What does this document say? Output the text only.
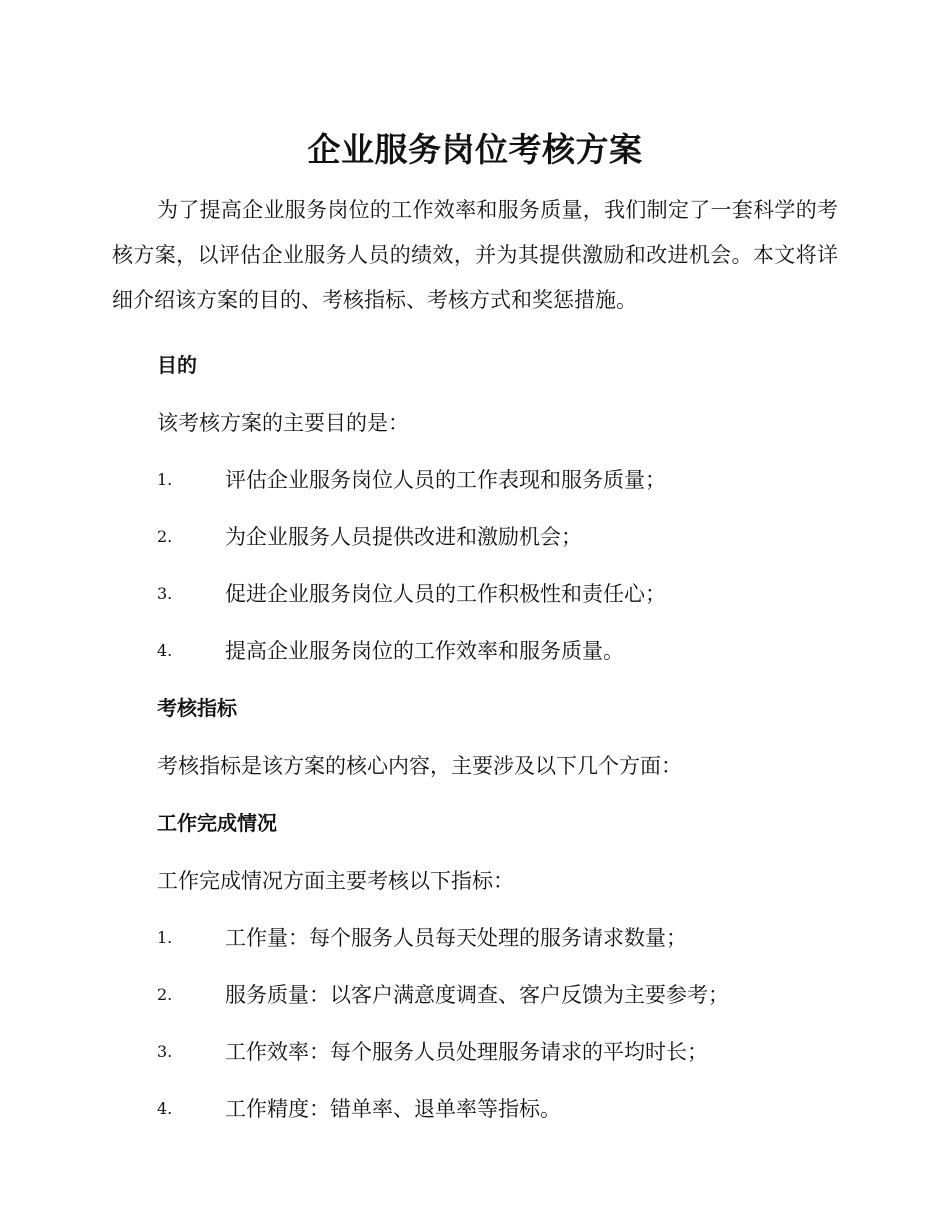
企业服务岗位考核方案

为了提高企业服务岗位的工作效率和服务质量，我们制定了一套科学的考核方案，以评估企业服务人员的绩效，并为其提供激励和改进机会。本文将详细介绍该方案的目的、考核指标、考核方式和奖惩措施。

目的
该考核方案的主要目的是：
1.	评估企业服务岗位人员的工作表现和服务质量；
2.	为企业服务人员提供改进和激励机会；
3.	促进企业服务岗位人员的工作积极性和责任心；
4.	提高企业服务岗位的工作效率和服务质量。
考核指标
考核指标是该方案的核心内容，主要涉及以下几个方面：
工作完成情况
工作完成情况方面主要考核以下指标：
1.	工作量：每个服务人员每天处理的服务请求数量；
2.	服务质量：以客户满意度调查、客户反馈为主要参考；
3.	工作效率：每个服务人员处理服务请求的平均时长；
4.	工作精度：错单率、退单率等指标。
